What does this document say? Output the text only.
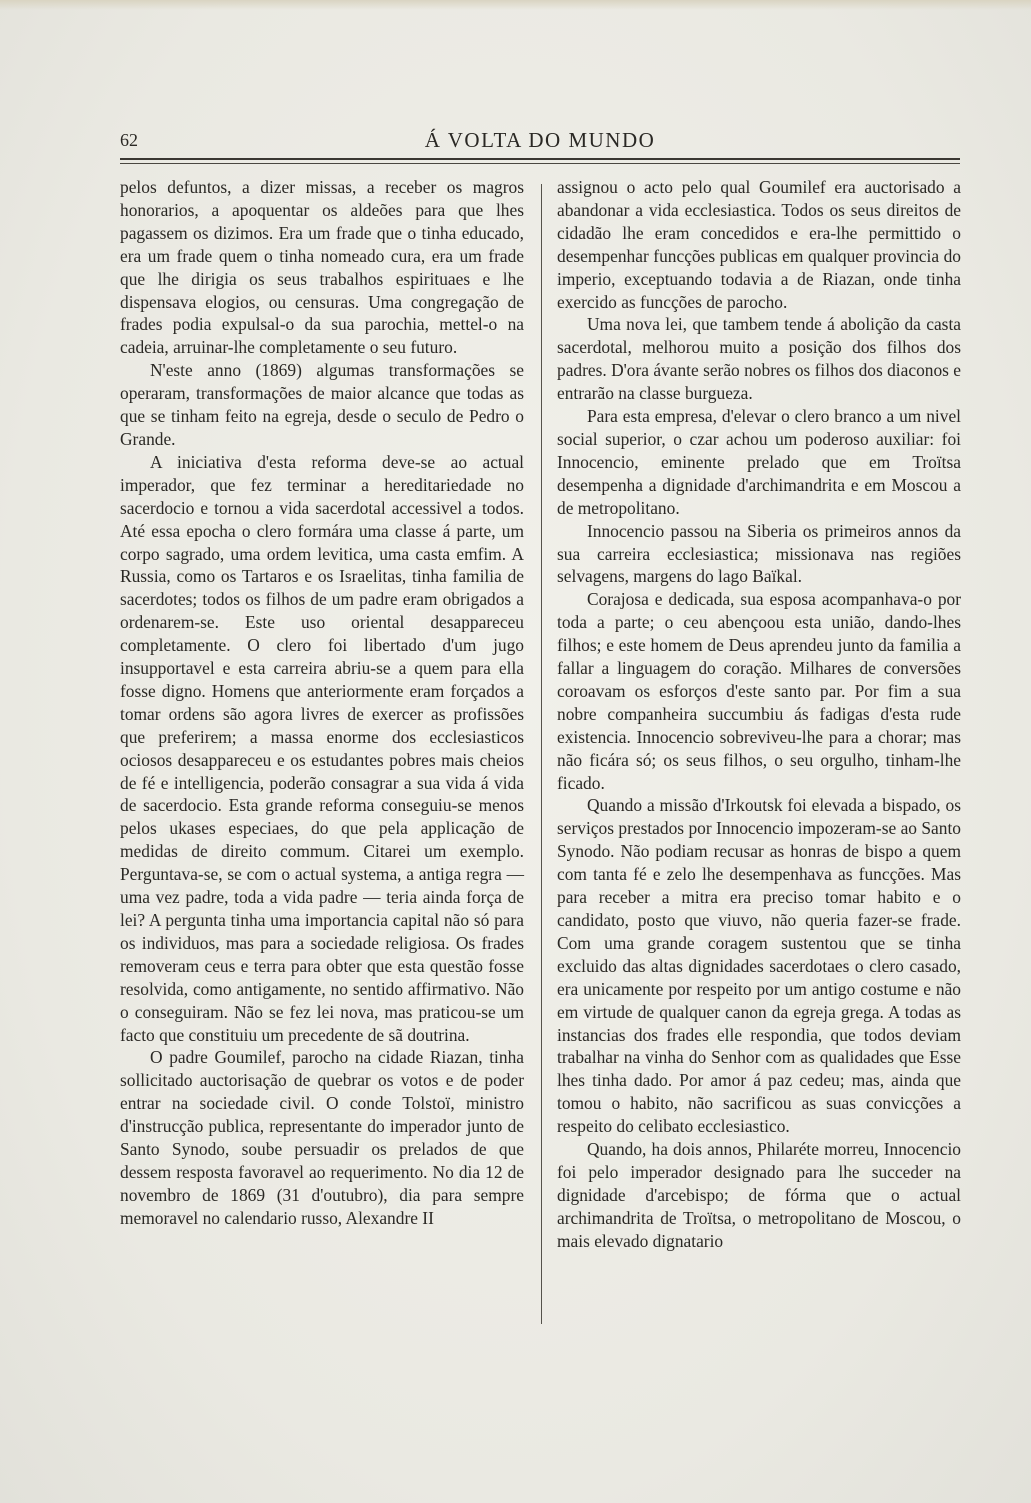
62	Á VOLTA DO MUNDO

pelos defuntos, a dizer missas, a receber os magros honorarios, a apoquentar os aldeões para que lhes pagassem os dizimos. Era um frade que o tinha educado, era um frade quem o tinha nomeado cura, era um frade que lhe dirigia os seus trabalhos espirituaes e lhe dispensava elogios, ou censuras. Uma congregação de frades podia expulsal-o da sua parochia, mettel-o na cadeia, arruinar-lhe completamente o seu futuro.

N'este anno (1869) algumas transformações se operaram, transformações de maior alcance que todas as que se tinham feito na egreja, desde o seculo de Pedro o Grande.

A iniciativa d'esta reforma deve-se ao actual imperador, que fez terminar a hereditariedade no sacerdocio e tornou a vida sacerdotal accessivel a todos. Até essa epocha o clero formára uma classe á parte, um corpo sagrado, uma ordem levitica, uma casta emfim. A Russia, como os Tartaros e os Israelitas, tinha familia de sacerdotes; todos os filhos de um padre eram obrigados a ordenarem-se. Este uso oriental desappareceu completamente. O clero foi libertado d'um jugo insupportavel e esta carreira abriu-se a quem para ella fosse digno. Homens que anteriormente eram forçados a tomar ordens são agora livres de exercer as profissões que preferirem; a massa enorme dos ecclesiasticos ociosos desappareceu e os estudantes pobres mais cheios de fé e intelligencia, poderão consagrar a sua vida á vida de sacerdocio. Esta grande reforma conseguiu-se menos pelos ukases especiaes, do que pela applicação de medidas de direito commum. Citarei um exemplo. Perguntava-se, se com o actual systema, a antiga regra — uma vez padre, toda a vida padre — teria ainda força de lei? A pergunta tinha uma importancia capital não só para os individuos, mas para a sociedade religiosa. Os frades removeram ceus e terra para obter que esta questão fosse resolvida, como antigamente, no sentido affirmativo. Não o conseguiram. Não se fez lei nova, mas praticou-se um facto que constituiu um precedente de sã doutrina.

O padre Goumilef, parocho na cidade Riazan, tinha sollicitado auctorisação de quebrar os votos e de poder entrar na sociedade civil. O conde Tolstoï, ministro d'instrucção publica, representante do imperador junto de Santo Synodo, soube persuadir os prelados de que dessem resposta favoravel ao requerimento. No dia 12 de novembro de 1869 (31 d'outubro), dia para sempre memoravel no calendario russo, Alexandre II

assignou o acto pelo qual Goumilef era auctorisado a abandonar a vida ecclesiastica. Todos os seus direitos de cidadão lhe eram concedidos e era-lhe permittido o desempenhar funcções publicas em qualquer provincia do imperio, exceptuando todavia a de Riazan, onde tinha exercido as funcções de parocho.

Uma nova lei, que tambem tende á abolição da casta sacerdotal, melhorou muito a posição dos filhos dos padres. D'ora ávante serão nobres os filhos dos diaconos e entrarão na classe burgueza.

Para esta empresa, d'elevar o clero branco a um nivel social superior, o czar achou um poderoso auxiliar: foi Innocencio, eminente prelado que em Troïtsa desempenha a dignidade d'archimandrita e em Moscou a de metropolitano.

Innocencio passou na Siberia os primeiros annos da sua carreira ecclesiastica; missionava nas regiões selvagens, margens do lago Baïkal.

Corajosa e dedicada, sua esposa acompanhava-o por toda a parte; o ceu abençoou esta união, dando-lhes filhos; e este homem de Deus aprendeu junto da familia a fallar a linguagem do coração. Milhares de conversões coroavam os esforços d'este santo par. Por fim a sua nobre companheira succumbiu ás fadigas d'esta rude existencia. Innocencio sobreviveu-lhe para a chorar; mas não ficára só; os seus filhos, o seu orgulho, tinham-lhe ficado.

Quando a missão d'Irkoutsk foi elevada a bispado, os serviços prestados por Innocencio impozeram-se ao Santo Synodo. Não podiam recusar as honras de bispo a quem com tanta fé e zelo lhe desempenhava as funcções. Mas para receber a mitra era preciso tomar habito e o candidato, posto que viuvo, não queria fazer-se frade. Com uma grande coragem sustentou que se tinha excluido das altas dignidades sacerdotaes o clero casado, era unicamente por respeito por um antigo costume e não em virtude de qualquer canon da egreja grega. A todas as instancias dos frades elle respondia, que todos deviam trabalhar na vinha do Senhor com as qualidades que Esse lhes tinha dado. Por amor á paz cedeu; mas, ainda que tomou o habito, não sacrificou as suas convicções a respeito do celibato ecclesiastico.

Quando, ha dois annos, Philaréte morreu, Innocencio foi pelo imperador designado para lhe succeder na dignidade d'arcebispo; de fórma que o actual archimandrita de Troïtsa, o metropolitano de Moscou, o mais elevado dignatario
